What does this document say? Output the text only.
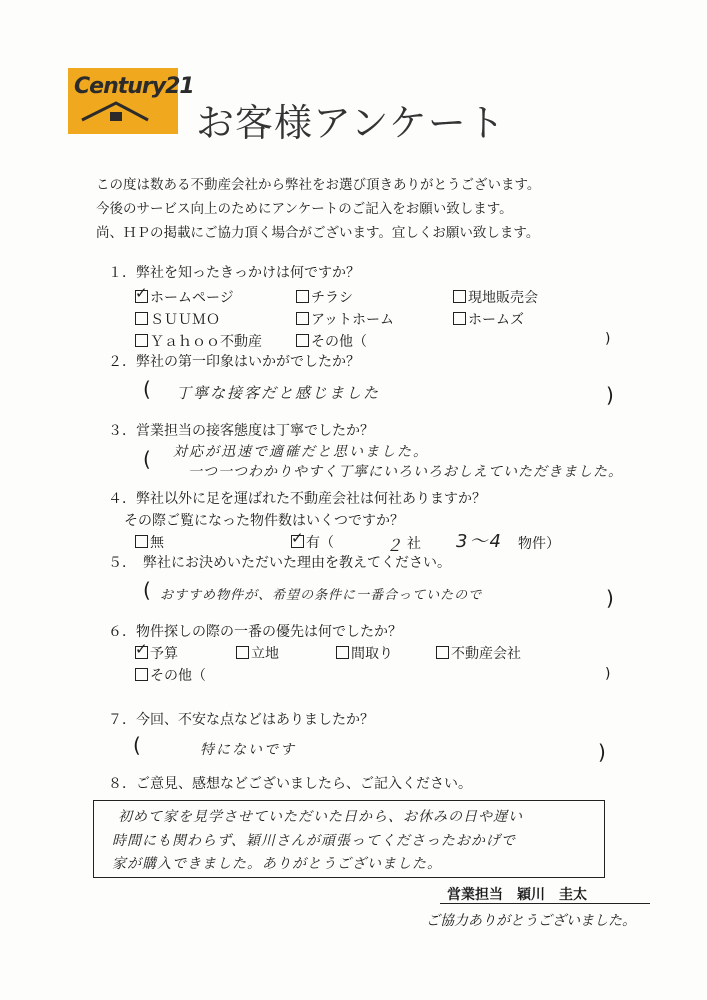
Century21
お客様アンケート
この度は数ある不動産会社から弊社をお選び頂きありがとうございます。
今後のサービス向上のためにアンケートのご記入をお願い致します。
尚、ＨＰの掲載にご協力頂く場合がございます。宜しくお願い致します。
１．弊社を知ったきっかけは何ですか？
✓ホームページ	チラシ	現地販売会
ＳＵＵＭＯ	アットホーム	ホームズ
Ｙａｈｏｏ不動産	その他（	)
２．弊社の第一印象はいかがでしたか？
( 丁寧な接客だと感じました	)
３．営業担当の接客態度は丁寧でしたか？
( 対応が迅速で適確だと思いました。
一つ一つわかりやすく丁寧にいろいろおしえていただきました。
４．弊社以外に足を運ばれた不動産会社は何社ありますか？
その際ご覧になった物件数はいくつですか？
無
✓	有（	２ 社 3〜4 物件）
５．　弊社にお決めいただいた理由を教えてください。
( おすすめ物件が、希望の条件に一番合っていたので	)
６．物件探しの際の一番の優先は何でしたか？
✓予算	立地	間取り	不動産会社
その他（	)
７．今回、不安な点などはありましたか？
(	特にないです	)
８．ご意見、感想などございましたら、ご記入ください。
初めて家を見学させていただいた日から、お休みの日や遅い
時間にも関わらず、穎川さんが頑張ってくださったおかげで
家が購入できました。ありがとうございました。
営業担当　穎川　圭太
ご協力ありがとうございました。
